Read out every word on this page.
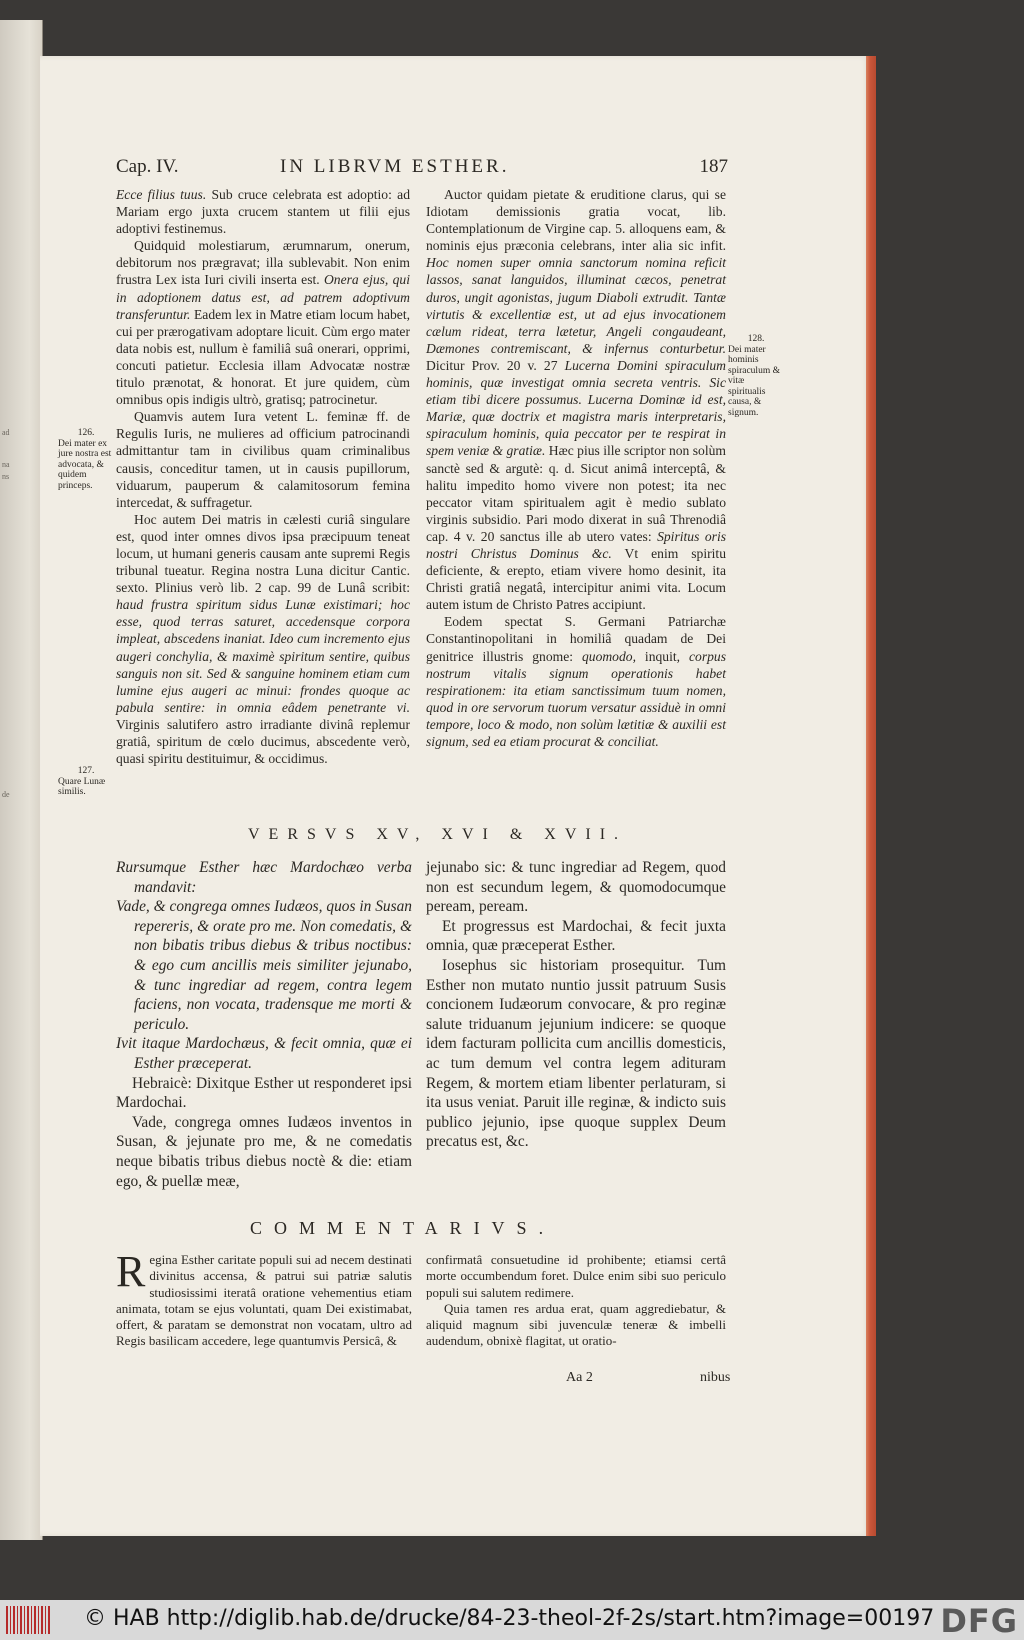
ad
na
ns
de
Cap. IV.	IN LIBRVM ESTHER.	187

Ecce filius tuus. Sub cruce celebrata est adoptio: ad Mariam ergo juxta crucem stantem ut filii ejus adoptivi festinemus.

Quidquid molestiarum, ærumnarum, onerum, debitorum nos prægravat; illa sublevabit. Non enim frustra Lex ista Iuri civili inserta est. Onera ejus, qui in adoptionem datus est, ad patrem adoptivum transferuntur. Eadem lex in Matre etiam locum habet, cui per prærogativam adoptare licuit. Cùm ergo mater data nobis est, nullum è familiâ suâ onerari, opprimi, concuti patietur. Ecclesia illam Advocatæ nostræ titulo prænotat, & honorat. Et jure quidem, cùm omnibus opis indigis ultrò, gratisq; patrocinetur.

Quamvis autem Iura vetent L. feminæ ff. de Regulis Iuris, ne mulieres ad officium patrocinandi admittantur tam in civilibus quam criminalibus causis, conceditur tamen, ut in causis pupillorum, viduarum, pauperum & calamitosorum femina intercedat, & suffragetur.

Hoc autem Dei matris in cælesti curiâ singulare est, quod inter omnes divos ipsa præcipuum teneat locum, ut humani generis causam ante supremi Regis tribunal tueatur. Regina nostra Luna dicitur Cantic. sexto. Plinius verò lib. 2 cap. 99 de Lunâ scribit: haud frustra spiritum sidus Lunæ existimari; hoc esse, quod terras saturet, accedensque corpora impleat, abscedens inaniat. Ideo cum incremento ejus augeri conchylia, & maximè spiritum sentire, quibus sanguis non sit. Sed & sanguine hominem etiam cum lumine ejus augeri ac minui: frondes quoque ac pabula sentire: in omnia eâdem penetrante vi. Virginis salutifero astro irradiante divinâ replemur gratiâ, spiritum de cœlo ducimus, abscedente verò, quasi spiritu destituimur, & occidimus.

Auctor quidam pietate & eruditione clarus, qui se Idiotam demissionis gratia vocat, lib. Contemplationum de Virgine cap. 5. alloquens eam, & nominis ejus præconia celebrans, inter alia sic infit. Hoc nomen super omnia sanctorum nomina reficit lassos, sanat languidos, illuminat cæcos, penetrat duros, ungit agonistas, jugum Diaboli extrudit. Tantæ virtutis & excellentiæ est, ut ad ejus invocationem cælum rideat, terra lætetur, Angeli congaudeant, Dæmones contremiscant, & infernus conturbetur. Dicitur Prov. 20 v. 27 Lucerna Domini spiraculum hominis, quæ investigat omnia secreta ventris. Sic etiam tibi dicere possumus. Lucerna Dominæ id est, Mariæ, quæ doctrix et magistra maris interpretaris, spiraculum hominis, quia peccator per te respirat in spem veniæ & gratiæ. Hæc pius ille scriptor non solùm sanctè sed & argutè: q. d. Sicut animâ interceptâ, & halitu impedito homo vivere non potest; ita nec peccator vitam spiritualem agit è medio sublato virginis subsidio. Pari modo dixerat in suâ Threnodiâ cap. 4 v. 20 sanctus ille ab utero vates: Spiritus oris nostri Christus Dominus &c. Vt enim spiritu deficiente, & erepto, etiam vivere homo desinit, ita Christi gratiâ negatâ, intercipitur animi vita. Locum autem istum de Christo Patres accipiunt.

Eodem spectat S. Germani Patriarchæ Constantinopolitani in homiliâ quadam de Dei genitrice illustris gnome: quomodo, inquit, corpus nostrum vitalis signum operationis habet respirationem: ita etiam sanctissimum tuum nomen, quod in ore servorum tuorum versatur assiduè in omni tempore, loco & modo, non solùm lætitiæ & auxilii est signum, sed ea etiam procurat & conciliat.

126.
Dei mater ex jure nostra est advocata, & quidem princeps.
127.
Quare Lunæ similis.
128.
Dei mater hominis spiraculum & vitæ spiritualis causa, & signum.
VERSVS XV, XVI & XVII.

Rursumque Esther hæc Mardochæo verba mandavit:

Vade, & congrega omnes Iudæos, quos in Susan repereris, & orate pro me. Non comedatis, & non bibatis tribus diebus & tribus noctibus: & ego cum ancillis meis similiter jejunabo, & tunc ingrediar ad regem, contra legem faciens, non vocata, tradensque me morti & periculo.

Ivit itaque Mardochæus, & fecit omnia, quæ ei Esther præceperat.

Hebraicè: Dixitque Esther ut responderet ipsi Mardochai.

Vade, congrega omnes Iudæos inventos in Susan, & jejunate pro me, & ne comedatis neque bibatis tribus diebus noctè & die: etiam ego, & puellæ meæ,

jejunabo sic: & tunc ingrediar ad Regem, quod non est secundum legem, & quomodocumque peream, peream.

Et progressus est Mardochai, & fecit juxta omnia, quæ præceperat Esther.

Iosephus sic historiam prosequitur. Tum Esther non mutato nuntio jussit patruum Susis concionem Iudæorum convocare, & pro reginæ salute triduanum jejunium indicere: se quoque idem facturam pollicita cum ancillis domesticis, ac tum demum vel contra legem adituram Regem, & mortem etiam libenter perlaturam, si ita usus veniat. Paruit ille reginæ, & indicto suis publico jejunio, ipse quoque supplex Deum precatus est, &c.

COMMENTARIVS.

Regina Esther caritate populi sui ad necem destinati divinitus accensa, & patrui sui patriæ salutis studiosissimi iteratâ oratione vehementius etiam animata, totam se ejus voluntati, quam Dei existimabat, offert, & paratam se demonstrat non vocatam, ultro ad Regis basilicam accedere, lege quantumvis Persicâ, &

confirmatâ consuetudine id prohibente; etiamsi certâ morte occumbendum foret. Dulce enim sibi suo periculo populi sui salutem redimere.

Quia tamen res ardua erat, quam aggrediebatur, & aliquid magnum sibi juvenculæ teneræ & imbelli audendum, obnixè flagitat, ut oratio-

Aa 2	nibus
© HAB http://diglib.hab.de/drucke/84-23-theol-2f-2s/start.htm?image=00197 DFG
